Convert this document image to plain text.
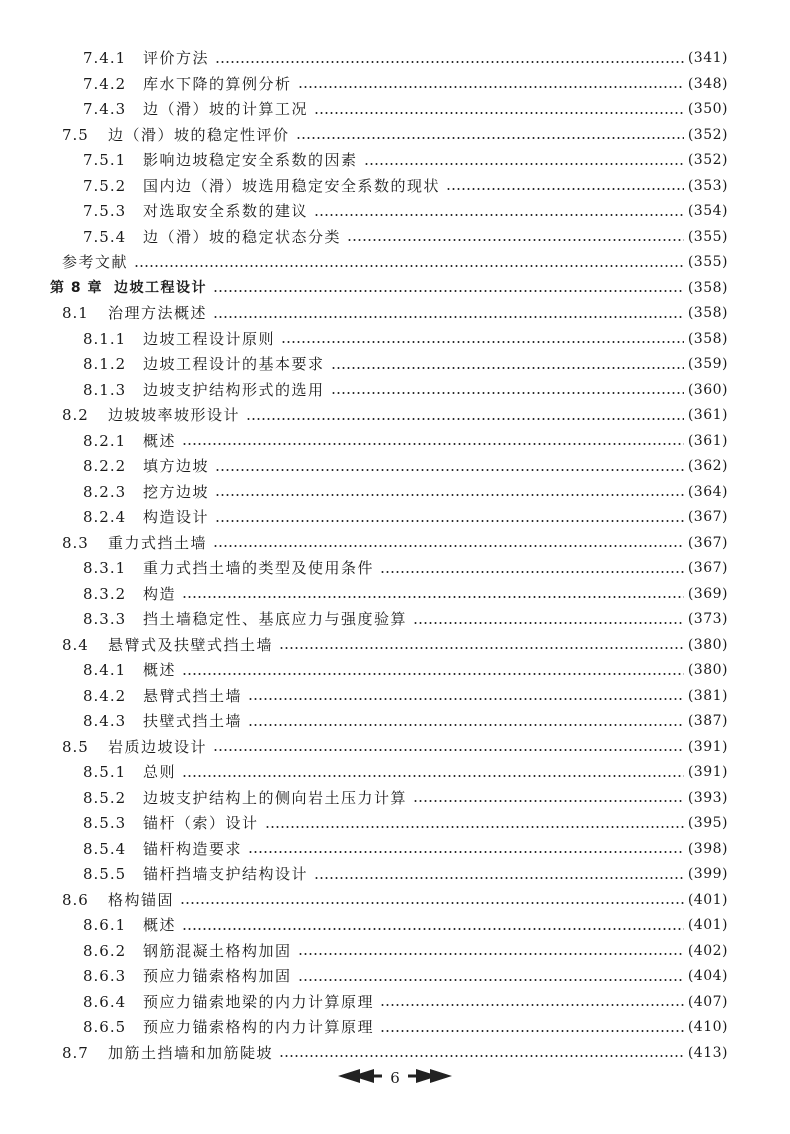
7.4.1	评价方法	(341)
7.4.2	库水下降的算例分析	(348)
7.4.3	边（滑）坡的计算工况	(350)
7.5	边（滑）坡的稳定性评价	(352)
7.5.1	影响边坡稳定安全系数的因素	(352)
7.5.2	国内边（滑）坡选用稳定安全系数的现状	(353)
7.5.3	对选取安全系数的建议	(354)
7.5.4	边（滑）坡的稳定状态分类	(355)
参考文献	(355)
第 8 章 边坡工程设计	(358)
8.1	治理方法概述	(358)
8.1.1	边坡工程设计原则	(358)
8.1.2	边坡工程设计的基本要求	(359)
8.1.3	边坡支护结构形式的选用	(360)
8.2	边坡坡率坡形设计	(361)
8.2.1	概述	(361)
8.2.2	填方边坡	(362)
8.2.3	挖方边坡	(364)
8.2.4	构造设计	(367)
8.3	重力式挡土墙	(367)
8.3.1	重力式挡土墙的类型及使用条件	(367)
8.3.2	构造	(369)
8.3.3	挡土墙稳定性、基底应力与强度验算	(373)
8.4	悬臂式及扶壁式挡土墙	(380)
8.4.1	概述	(380)
8.4.2	悬臂式挡土墙	(381)
8.4.3	扶壁式挡土墙	(387)
8.5	岩质边坡设计	(391)
8.5.1	总则	(391)
8.5.2	边坡支护结构上的侧向岩土压力计算	(393)
8.5.3	锚杆（索）设计	(395)
8.5.4	锚杆构造要求	(398)
8.5.5	锚杆挡墙支护结构设计	(399)
8.6	格构锚固	(401)
8.6.1	概述	(401)
8.6.2	钢筋混凝土格构加固	(402)
8.6.3	预应力锚索格构加固	(404)
8.6.4	预应力锚索地梁的内力计算原理	(407)
8.6.5	预应力锚索格构的内力计算原理	(410)
8.7	加筋土挡墙和加筋陡坡	(413)
6
